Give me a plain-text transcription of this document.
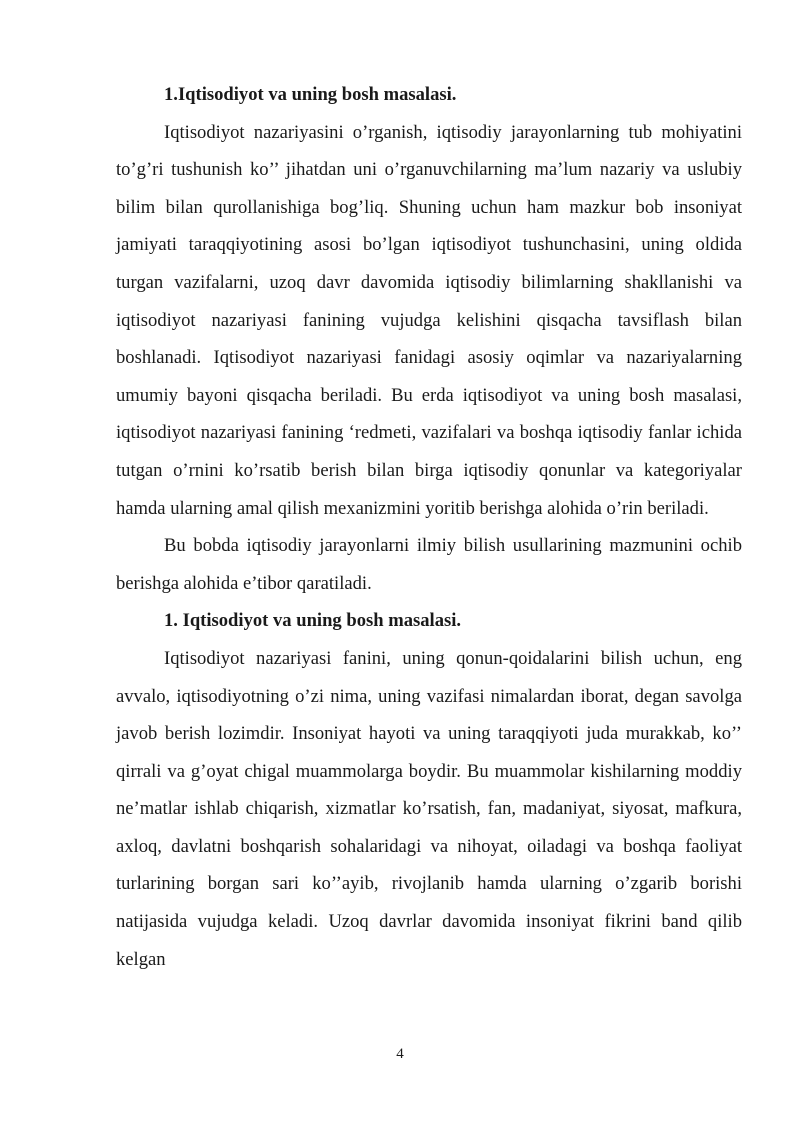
1.Iqtisodiyot va uning bosh masalasi.

Iqtisodiyot nazariyasini o’rganish, iqtisodiy jarayonlarning tub mohiyatini to’g’ri tushunish ko’’ jihatdan uni o’rganuvchilarning ma’lum nazariy va uslubiy bilim bilan qurollanishiga bog’liq. Shuning uchun ham mazkur bob insoniyat jamiyati taraqqiyotining asosi bo’lgan iqtisodiyot tushunchasini, uning oldida turgan vazifalarni, uzoq davr davomida iqtisodiy bilimlarning shakllanishi va iqtisodiyot nazariyasi fanining vujudga kelishini qisqacha tavsiflash bilan boshlanadi. Iqtisodiyot nazariyasi fanidagi asosiy oqimlar va nazariyalarning umumiy bayoni qisqacha beriladi. Bu erda iqtisodiyot va uning bosh masalasi, iqtisodiyot nazariyasi fanining ‘redmeti, vazifalari va boshqa iqtisodiy fanlar ichida tutgan o’rnini ko’rsatib berish bilan birga iqtisodiy qonunlar va kategoriyalar hamda ularning amal qilish mexanizmini yoritib berishga alohida o’rin beriladi.

Bu bobda iqtisodiy jarayonlarni ilmiy bilish usullarining mazmunini ochib berishga alohida e’tibor qaratiladi.

1. Iqtisodiyot va uning bosh masalasi.

Iqtisodiyot nazariyasi fanini, uning qonun-qoidalarini bilish uchun, eng avvalo, iqtisodiyotning o’zi nima, uning vazifasi nimalardan iborat, degan savolga javob berish lozimdir. Insoniyat hayoti va uning taraqqiyoti juda murakkab, ko’’ qirrali va g’oyat chigal muammolarga boydir. Bu muammolar kishilarning moddiy ne’matlar ishlab chiqarish, xizmatlar ko’rsatish, fan, madaniyat, siyosat, mafkura, axloq, davlatni boshqarish sohalaridagi va nihoyat, oiladagi va boshqa faoliyat turlarining borgan sari ko’’ayib, rivojlanib hamda ularning o’zgarib borishi natijasida vujudga keladi. Uzoq davrlar davomida insoniyat fikrini band qilib kelgan

4
